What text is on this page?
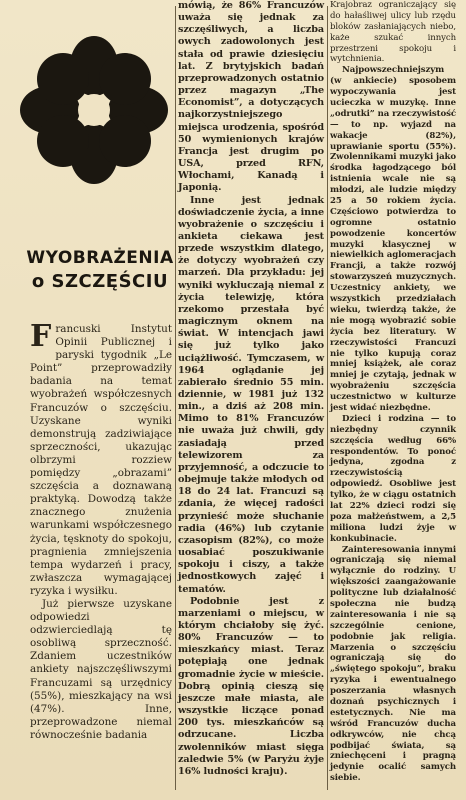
WYOBRAŻENIA
o SZCZĘŚCIU

Francuski Instytut Opinii Publicznej i paryski tygodnik „Le Point” przeprowadziły badania na temat wyobrażeń współczesnych Francuzów o szczęściu. Uzyskane wyniki demonstrują zadziwiające sprzeczności, ukazując olbrzymi rozziew pomiędzy „obrazami” szczęścia a doznawaną praktyką. Dowodzą także znacznego znużenia warunkami współczesnego życia, tęsknoty do spokoju, pragnienia zmniejszenia tempa wydarzeń i pracy, zwłaszcza wymagającej ryzyka i wysiłku.

Już pierwsze uzyskane odpowiedzi odzwierciedlają tę osobliwą sprzeczność. Zdaniem uczestników ankiety najszczęśliwszymi Francuzami są urzędnicy (55%), mieszkający na wsi (47%). Inne, przeprowadzone niemal równocześnie badania

mówią, że 86% Francuzów uważa się jednak za szczęśliwych, a liczba owych zadowolonych jest stała od prawie dziesięciu lat. Z brytyjskich badań przeprowadzonych ostatnio przez magazyn „The Economist”, a dotyczących najkorzystniejszego miejsca urodzenia, spośród 50 wymienionych krajów Francja jest drugim po USA, przed RFN, Włochami, Kanadą i Japonią.

Inne jest jednak doświadczenie życia, a inne wyobrażenie o szczęściu i ankieta ciekawa jest przede wszystkim dlatego, że dotyczy wyobrażeń czy marzeń. Dla przykładu: jej wyniki wykluczają niemal z życia telewizję, która rzekomo przestała być magicznym oknem na świat. W intencjach jawi się już tylko jako uciążliwość. Tymczasem, w 1964 oglądanie jej zabierało średnio 55 min. dziennie, w 1981 już 132 min., a dziś aż 208 min. Mimo to 81% Francuzów nie uważa już chwili, gdy zasiadają przed telewizorem za przyjemność, a odczucie to obejmuje także młodych od 18 do 24 lat. Francuzi są zdania, że więcej radości przynieść może słuchanie radia (46%) lub czytanie czasopism (82%), co może uosabiać poszukiwanie spokoju i ciszy, a także jednostkowych zajęć i tematów.

Podobnie jest z marzeniami o miejscu, w którym chciałoby się żyć. 80% Francuzów — to mieszkańcy miast. Teraz potępiają one jednak gromadnie życie w mieście. Dobrą opinią cieszą się jeszcze małe miasta, ale wszystkie liczące ponad 200 tys. mieszkańców są odrzucane. Liczba zwolenników miast sięga zaledwie 5% (w Paryżu żyje 16% ludności kraju).

Krajobraz ograniczający się do hałaśliwej ulicy lub rzędu bloków zasłaniających niebo, każe szukać innych przestrzeni spokoju i wytchnienia.

Najpowszechniejszym (w ankiecie) sposobem wypoczywania jest ucieczka w muzykę. Inne „odrutki” na rzeczywistość — to np. wyjazd na wakacje (82%), uprawianie sportu (55%). Zwolennikami muzyki jako środka łagodzącego ból istnienia wcale nie są młodzi, ale ludzie między 25 a 50 rokiem życia. Częściowo potwierdza to ogromne ostatnio powodzenie koncertów muzyki klasycznej w niewielkich aglomeracjach Francji, a także rozwój stowarzyszeń muzycznych. Uczestnicy ankiety, we wszystkich przedziałach wieku, twierdzą także, że nie mogą wyobrazić sobie życia bez literatury. W rzeczywistości Francuzi nie tylko kupują coraz mniej książek, ale coraz mniej je czytają, jednak w wyobrażeniu szczęścia uczestnictwo w kulturze jest widać niezbędne.

Dzieci i rodzina — to niezbędny czynnik szczęścia według 66% respondentów. To ponoć jedyna, zgodna z rzeczywistością odpowiedź. Osobliwe jest tylko, że w ciągu ostatnich lat 22% dzieci rodzi się poza małżeństwem, a 2,5 miliona ludzi żyje w konkubinacie.

Zainteresowania innymi ograniczają się niemal wyłącznie do rodziny. U większości zaangażowanie polityczne lub działalność społeczna nie budzą zainteresowania i nie są szczególnie cenione, podobnie jak religia. Marzenia o szczęściu ograniczają się do „świętego spokoju”, braku ryzyka i ewentualnego poszerzania własnych doznań psychicznych i estetycznych. Nie ma wśród Francuzów ducha odkrywców, nie chcą podbijać świata, są zniechęceni i pragną jedynie ocalić samych siebie.
